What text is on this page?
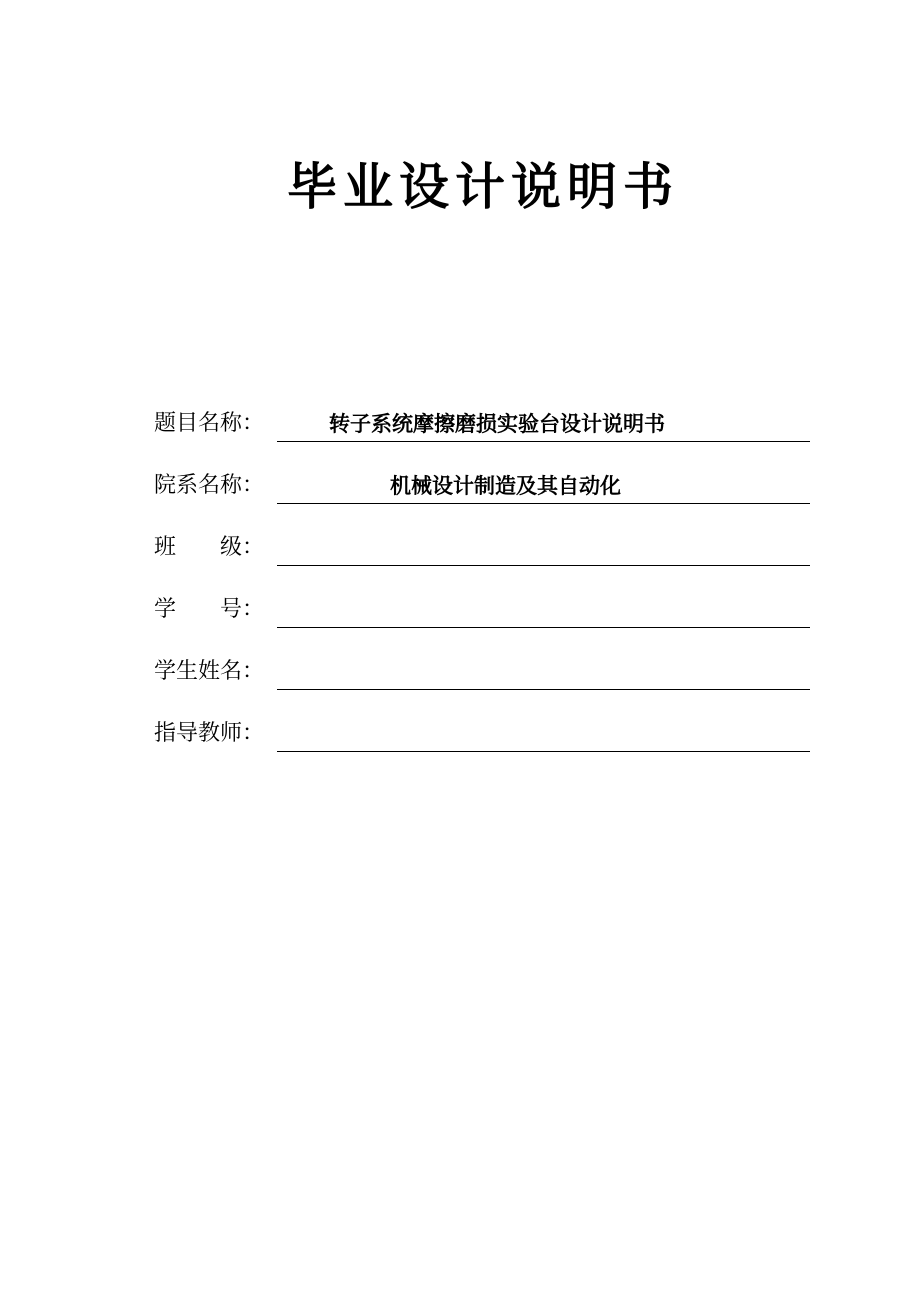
毕业设计说明书
题目名称：	转子系统摩擦磨损实验台设计说明书
院系名称：	机械设计制造及其自动化
班　　级：
学　　号：
学生姓名：
指导教师：
